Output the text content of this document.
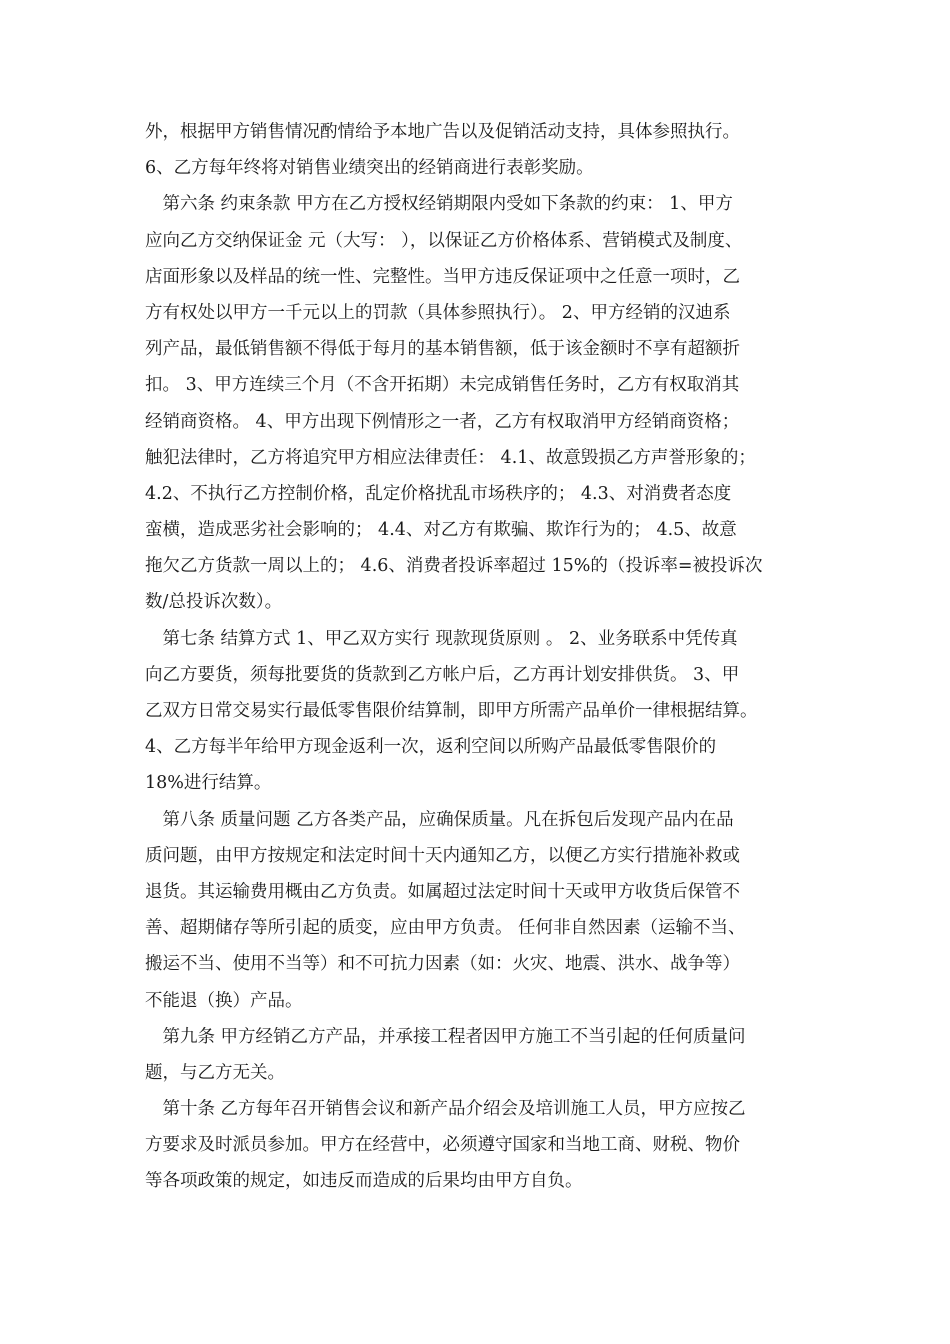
外，根据甲方销售情况酌情给予本地广告以及促销活动支持，具体参照执行。
6、乙方每年终将对销售业绩突出的经销商进行表彰奖励。
　第六条 约束条款 甲方在乙方授权经销期限内受如下条款的约束： 1、甲方
应向乙方交纳保证金 元（大写： ），以保证乙方价格体系、营销模式及制度、
店面形象以及样品的统一性、完整性。当甲方违反保证项中之任意一项时，乙
方有权处以甲方一千元以上的罚款（具体参照执行）。 2、甲方经销的汉迪系
列产品，最低销售额不得低于每月的基本销售额，低于该金额时不享有超额折
扣。 3、甲方连续三个月（不含开拓期）未完成销售任务时，乙方有权取消其
经销商资格。 4、甲方出现下例情形之一者，乙方有权取消甲方经销商资格；
触犯法律时，乙方将追究甲方相应法律责任： 4.1、故意毁损乙方声誉形象的；
4.2、不执行乙方控制价格，乱定价格扰乱市场秩序的； 4.3、对消费者态度
蛮横，造成恶劣社会影响的； 4.4、对乙方有欺骗、欺诈行为的； 4.5、故意
拖欠乙方货款一周以上的； 4.6、消费者投诉率超过 15%的（投诉率=被投诉次
数/总投诉次数）。
　第七条 结算方式 1、甲乙双方实行 现款现货原则 。 2、业务联系中凭传真
向乙方要货，须每批要货的货款到乙方帐户后，乙方再计划安排供货。 3、甲
乙双方日常交易实行最低零售限价结算制，即甲方所需产品单价一律根据结算。
4、乙方每半年给甲方现金返利一次，返利空间以所购产品最低零售限价的
18%进行结算。
　第八条 质量问题 乙方各类产品，应确保质量。凡在拆包后发现产品内在品
质问题，由甲方按规定和法定时间十天内通知乙方，以便乙方实行措施补救或
退货。其运输费用概由乙方负责。如属超过法定时间十天或甲方收货后保管不
善、超期储存等所引起的质变，应由甲方负责。 任何非自然因素（运输不当、
搬运不当、使用不当等）和不可抗力因素（如：火灾、地震、洪水、战争等）
不能退（换）产品。
　第九条 甲方经销乙方产品，并承接工程者因甲方施工不当引起的任何质量问
题，与乙方无关。
　第十条 乙方每年召开销售会议和新产品介绍会及培训施工人员，甲方应按乙
方要求及时派员参加。甲方在经营中，必须遵守国家和当地工商、财税、物价
等各项政策的规定，如违反而造成的后果均由甲方自负。
